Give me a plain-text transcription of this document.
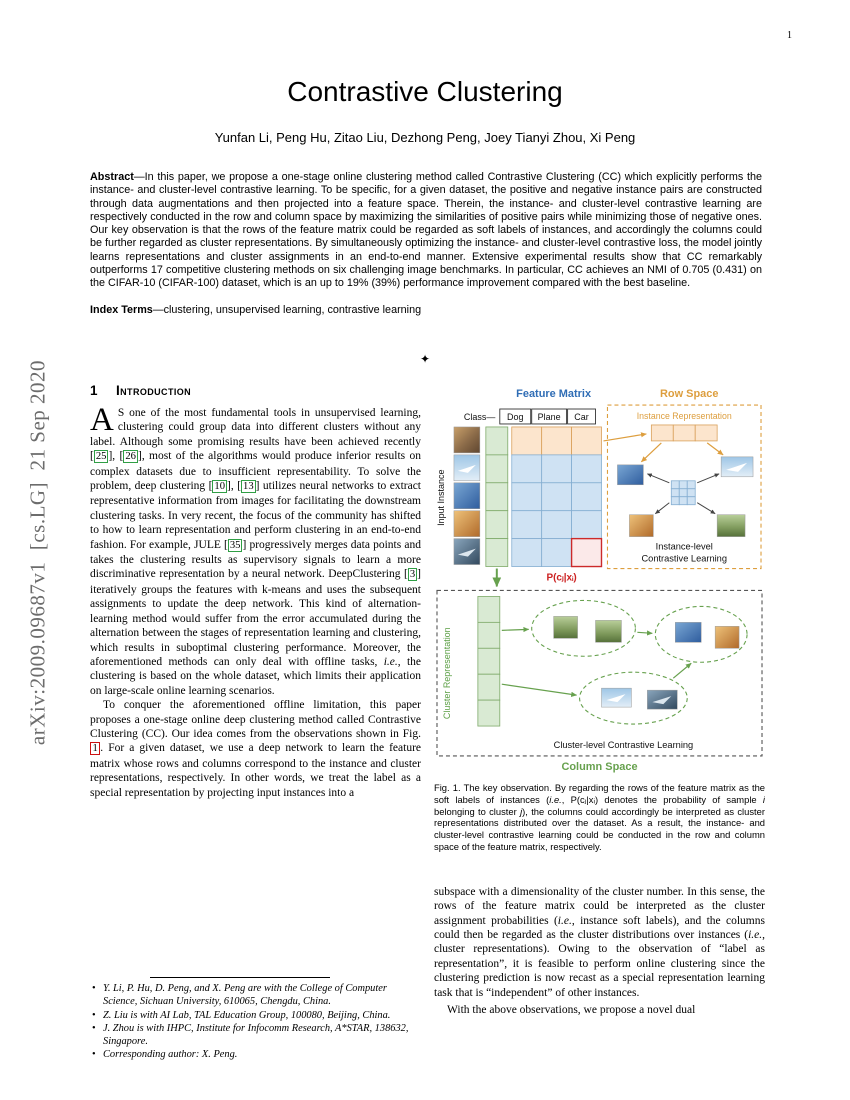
1
arXiv:2009.09687v1  [cs.LG]  21 Sep 2020
Contrastive Clustering
Yunfan Li, Peng Hu, Zitao Liu, Dezhong Peng, Joey Tianyi Zhou, Xi Peng

Abstract—In this paper, we propose a one-stage online clustering method called Contrastive Clustering (CC) which explicitly performs the instance- and cluster-level contrastive learning. To be specific, for a given dataset, the positive and negative instance pairs are constructed through data augmentations and then projected into a feature space. Therein, the instance- and cluster-level contrastive learning are respectively conducted in the row and column space by maximizing the similarities of positive pairs while minimizing those of negative ones. Our key observation is that the rows of the feature matrix could be regarded as soft labels of instances, and accordingly the columns could be further regarded as cluster representations. By simultaneously optimizing the instance- and cluster-level contrastive loss, the model jointly learns representations and cluster assignments in an end-to-end manner. Extensive experimental results show that CC remarkably outperforms 17 competitive clustering methods on six challenging image benchmarks. In particular, CC achieves an NMI of 0.705 (0.431) on the CIFAR-10 (CIFAR-100) dataset, which is an up to 19% (39%) performance improvement compared with the best baseline.

Index Terms—clustering, unsupervised learning, contrastive learning

✦
1 Introduction

A S one of the most fundamental tools in unsupervised learning, clustering could group data into different clusters without any label. Although some promising results have been achieved recently [ 25 ], [ 26 ], most of the algorithms would produce inferior results on complex datasets due to insufficient representability. To solve the problem, deep clustering [ 10 ], [ 13 ] utilizes neural networks to extract representative information from images for facilitating the downstream clustering tasks. In very recent, the focus of the community has shifted to how to learn representation and perform clustering in an end-to-end fashion. For example, JULE [ 35 ] progressively merges data points and takes the clustering results as supervisory signals to learn a more discriminative representation by a neural network. DeepClustering [ 3 ] iteratively groups the features with k-means and uses the subsequent assignments to update the deep network. This kind of alternation-learning method would suffer from the error accumulated during the alternation between the stages of representation learning and clustering, which results in suboptimal clustering performance. Moreover, the aforementioned methods can only deal with offline tasks, i.e., the clustering is based on the whole dataset, which limits their application on large-scale online learning scenarios.

To conquer the aforementioned offline limitation, this paper proposes a one-stage online deep clustering method called Contrastive Clustering (CC). Our idea comes from the observations shown in Fig. 1 . For a given dataset, we use a deep network to learn the feature matrix whose rows and columns correspond to the instance and cluster representations, respectively. In other words, we treat the label as a special representation by projecting input instances into a

• Y. Li, P. Hu, D. Peng, and X. Peng are with the College of Computer Science, Sichuan University, 610065, Chengdu, China.
• Z. Liu is with AI Lab, TAL Education Group, 100080, Beijing, China.
• J. Zhou is with IHPC, Institute for Infocomm Research, A*STAR, 138632, Singapore.
• Corresponding author: X. Peng.
Feature Matrix	Row Space
Class— Dog Plane Car
Input Instance
P(cⱼ|xᵢ)
Instance Representation
Instance-level
Contrastive Learning
Cluster Representation
Cluster-level Contrastive Learning
Column Space

Fig. 1. The key observation. By regarding the rows of the feature matrix as the soft labels of instances (i.e., P(cⱼ|xᵢ) denotes the probability of sample i belonging to cluster j), the columns could accordingly be interpreted as cluster representations distributed over the dataset. As a result, the instance- and cluster-level contrastive learning could be conducted in the row and column space of the feature matrix, respectively.

subspace with a dimensionality of the cluster number. In this sense, the rows of the feature matrix could be interpreted as the cluster assignment probabilities (i.e., instance soft labels), and the columns could then be regarded as the cluster distributions over instances (i.e., cluster representations). Owing to the observation of “label as representation”, it is feasible to perform online clustering since the clustering prediction is now recast as a special representation learning task that is “independent” of other instances.

With the above observations, we propose a novel dual
